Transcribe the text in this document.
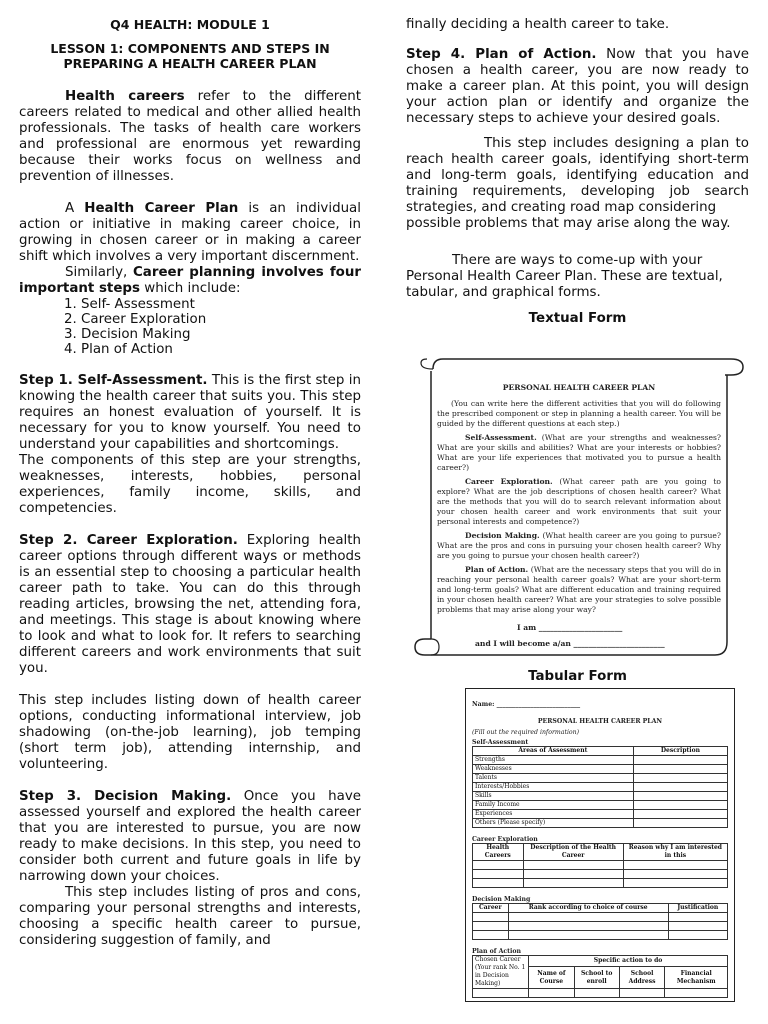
Q4 HEALTH: MODULE 1
LESSON 1: COMPONENTS AND STEPS IN
PREPARING A HEALTH CAREER PLAN

Health careers refer to the different careers related to medical and other allied health professionals. The tasks of health care workers and professional are enormous yet rewarding because their works focus on wellness and prevention of illnesses.

A Health Career Plan is an individual action or initiative in making career choice, in growing in chosen career or in making a career shift which involves a very important discernment.

Similarly, Career planning involves four important steps which include:

1. Self- Assessment
2. Career Exploration
3. Decision Making
4. Plan of Action

Step 1. Self-Assessment. This is the first step in knowing the health career that suits you. This step requires an honest evaluation of yourself. It is necessary for you to know yourself. You need to understand your capabilities and shortcomings.

The components of this step are your strengths, weaknesses, interests, hobbies, personal experiences, family income, skills, and competencies.

Step 2. Career Exploration. Exploring health career options through different ways or methods is an essential step to choosing a particular health career path to take. You can do this through reading articles, browsing the net, attending fora, and meetings. This stage is about knowing where to look and what to look for. It refers to searching different careers and work environments that suit you.

This step includes listing down of health career options, conducting informational interview, job shadowing (on-the-job learning), job temping (short term job), attending internship, and volunteering.

Step 3. Decision Making. Once you have assessed yourself and explored the health career that you are interested to pursue, you are now ready to make decisions. In this step, you need to consider both current and future goals in life by narrowing down your choices.

This step includes listing of pros and cons, comparing your personal strengths and interests, choosing a specific health career to pursue, considering suggestion of family, and

finally deciding a health career to take.

Step 4. Plan of Action. Now that you have chosen a health career, you are now ready to make a career plan. At this point, you will design your action plan or identify and organize the necessary steps to achieve your desired goals.

This step includes designing a plan to reach health career goals, identifying short-term and long-term goals, identifying education and training requirements, developing job search strategies, and creating road map considering

possible problems that may arise along the way.

There are ways to come-up with your Personal Health Career Plan. These are textual, tabular, and graphical forms.

Textual Form
PERSONAL HEALTH CAREER PLAN
(You can write here the different activities that you will do following the prescribed component or step in planning a health career. You will be guided by the different questions at each step.)
Self-Assessment. (What are your strengths and weaknesses? What are your skills and abilities? What are your interests or hobbies? What are your life experiences that motivated you to pursue a health career?)
Career Exploration. (What career path are you going to explore? What are the job descriptions of chosen health career? What are the methods that you will do to search relevant information about your chosen health career and work environments that suit your personal interests and competence?)
Decision Making. (What health career are you going to pursue? What are the pros and cons in pursuing your chosen health career? Why are you going to pursue your chosen health career?)
Plan of Action. (What are the necessary steps that you will do in reaching your personal health career goals? What are your short-term and long-term goals? What are different education and training required in your chosen health career? What are your strategies to solve possible problems that may arise along your way?
I am ______________________
and I will become a/an ________________________
Tabular Form
Name: ___________________________
PERSONAL HEALTH CAREER PLAN
(Fill out the required information)
Self-Assessment
Areas of Assessment	Description
Strengths	
Weaknesses	
Talents	
Interests/Hobbies	
Skills	
Family Income	
Experiences	
Others (Please specify)	
Career Exploration
Health Careers	Description of the Health Career	Reason why I am interested in this

Decision Making
Career	Rank according to choice of course	Justification

Plan of Action
Chosen Career (Your rank No. 1 in Decision Making)	Specific action to do			
	Name of Course	School to enroll	School Address	Financial Mechanism
